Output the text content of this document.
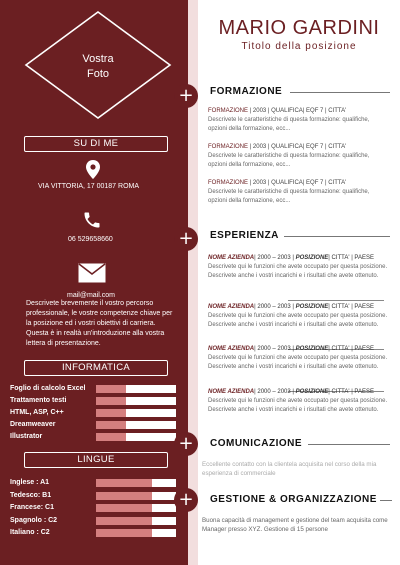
Vostra
Foto
SU DI ME
VIA VITTORIA, 17 00187 ROMA
06 529658660
mail@mail.com
Descrivete brevemente il vostro percorso professionale, le vostre competenze chiave per la posizione ed i vostri obiettivi di carriera. Questa è in realtà un'introduzione alla vostra lettera di presentazione.
INFORMATICA
Foglio di calcolo Excel
Trattamento testi
HTML, ASP, C++
Dreamweaver
Illustrator
LINGUE
Inglese : A1
Tedesco: B1
Francese: C1
Spagnolo : C2
Italiano : C2
MARIO GARDINI
Titolo della posizione
+	FORMAZIONE
FORMAZIONE | 2003 | QUALIFICA| EQF 7 | CITTA'
Descrivete le caratteristiche di questa formazione: qualifiche, opzioni della formazione, ecc...
FORMAZIONE | 2003 | QUALIFICA| EQF 7 | CITTA'
Descrivete le caratteristiche di questa formazione: qualifiche, opzioni della formazione, ecc...
FORMAZIONE | 2003 | QUALIFICA| EQF 7 | CITTA'
Descrivete le caratteristiche di questa formazione: qualifiche, opzioni della formazione, ecc...
+	ESPERIENZA
NOME AZIENDA| 2000 – 2003 | POSIZIONE| CITTA' | PAESE
Descrivete qui le funzioni che avete occupato per questa posizione. Descrivete anche i vostri incarichi e i risultati che avete ottenuto.
NOME AZIENDA| 2000 – 2003 | POSIZIONE| CITTA' | PAESE
Descrivete qui le funzioni che avete occupato per questa posizione. Descrivete anche i vostri incarichi e i risultati che avete ottenuto.
NOME AZIENDA| 2000 – 2003 | POSIZIONE| CITTA' | PAESE
Descrivete qui le funzioni che avete occupato per questa posizione. Descrivete anche i vostri incarichi e i risultati che avete ottenuto.
NOME AZIENDA| 2000 – 2003 | POSIZIONE| CITTA' | PAESE
Descrivete qui le funzioni che avete occupato per questa posizione. Descrivete anche i vostri incarichi e i risultati che avete ottenuto.
+	COMUNICAZIONE
Eccellente contatto con la clientela acquisita nel corso della mia esperienza di commerciale
+	GESTIONE & ORGANIZZAZIONE
Buona capacità di management e gestione del team acquisita come Manager presso XYZ. Gestione di 15 persone
